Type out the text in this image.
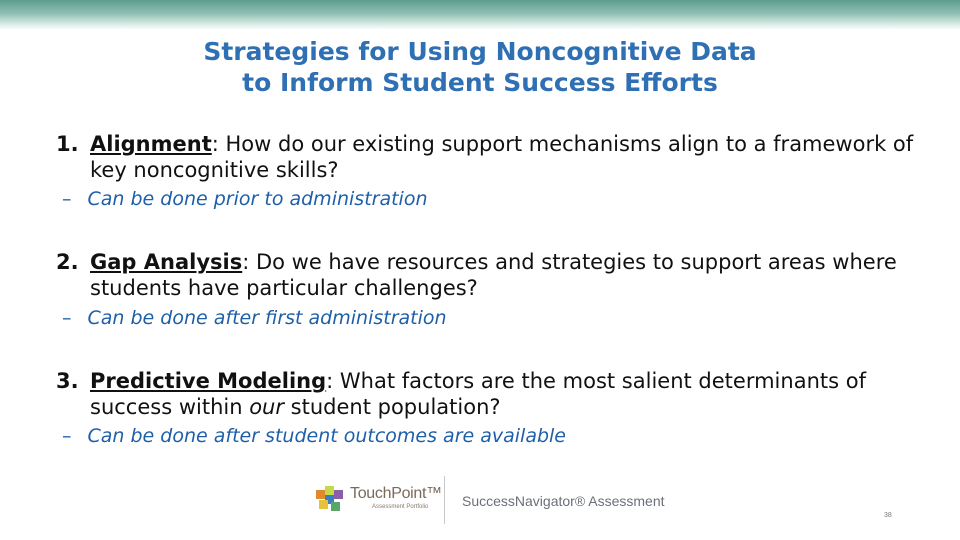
Strategies for Using Noncognitive Data
to Inform Student Success Efforts
1. Alignment: How do our existing support mechanisms align to a framework of key noncognitive skills?
– Can be done prior to administration
2. Gap Analysis: Do we have resources and strategies to support areas where students have particular challenges?
– Can be done after first administration
3. Predictive Modeling: What factors are the most salient determinants of success within our student population?
– Can be done after student outcomes are available
TouchPoint™
Assessment Portfolio SuccessNavigator® Assessment
38
